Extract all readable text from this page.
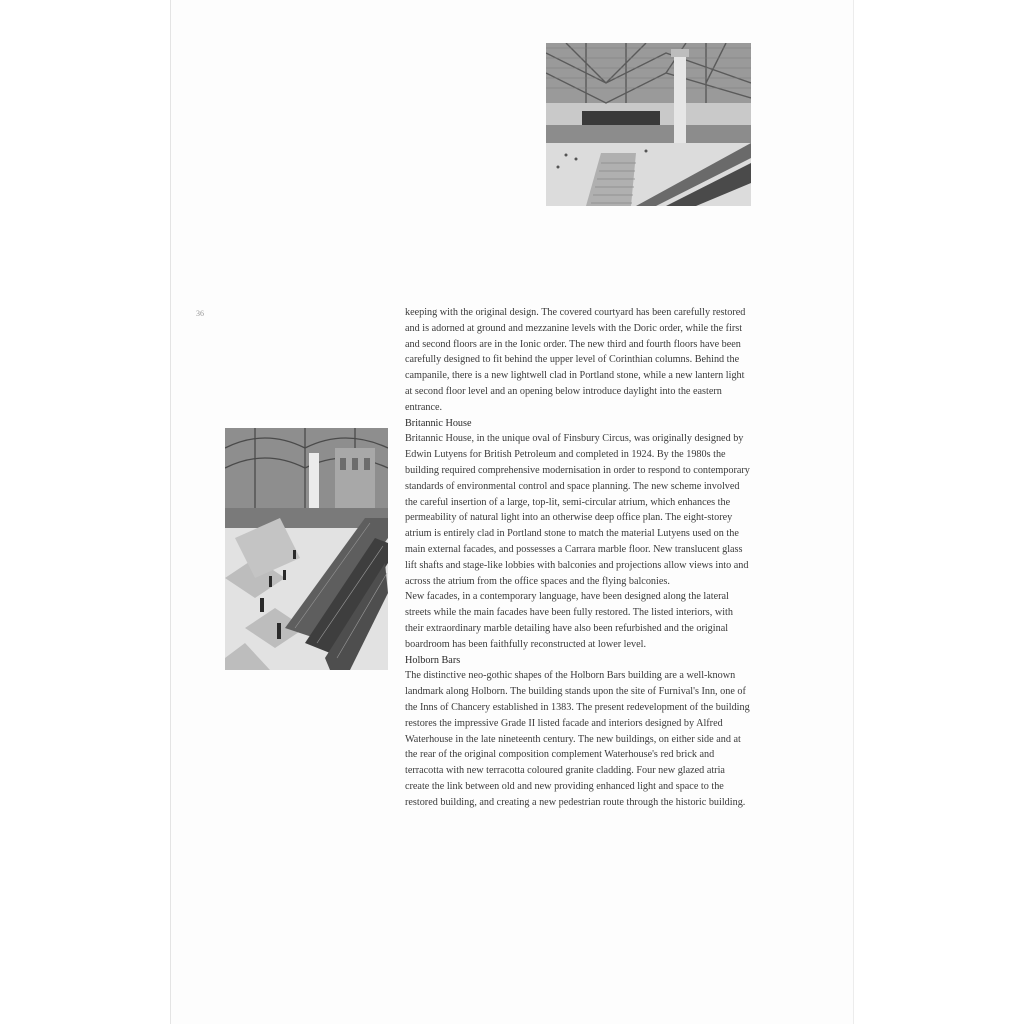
36	keeping with the original design. The covered courtyard has been carefully restored and is adorned at ground and mezzanine levels with the Doric order, while the first and second floors are in the Ionic order. The new third and fourth floors have been carefully designed to fit behind the upper level of Corinthian columns. Behind the campanile, there is a new lightwell clad in Portland stone, while a new lantern light at second floor level and an opening below introduce daylight into the eastern entrance.

Britannic House

Britannic House, in the unique oval of Finsbury Circus, was originally designed by Edwin Lutyens for British Petroleum and completed in 1924. By the 1980s the building required comprehensive modernisation in order to respond to contemporary standards of environmental control and space planning. The new scheme involved the careful insertion of a large, top-lit, semi-circular atrium, which enhances the permeability of natural light into an otherwise deep office plan. The eight-storey atrium is entirely clad in Portland stone to match the material Lutyens used on the main external facades, and possesses a Carrara marble floor. New translucent glass lift shafts and stage-like lobbies with balconies and projections allow views into and across the atrium from the office spaces and the flying balconies.

New facades, in a contemporary language, have been designed along the lateral streets while the main facades have been fully restored. The listed interiors, with their extraordinary marble detailing have also been refurbished and the original boardroom has been faithfully reconstructed at lower level.

Holborn Bars

The distinctive neo-gothic shapes of the Holborn Bars building are a well-known landmark along Holborn. The building stands upon the site of Furnival's Inn, one of the Inns of Chancery established in 1383. The present redevelopment of the building restores the impressive Grade II listed facade and interiors designed by Alfred Waterhouse in the late nineteenth century. The new buildings, on either side and at the rear of the original composition complement Waterhouse's red brick and terracotta with new terracotta coloured granite cladding. Four new glazed atria create the link between old and new providing enhanced light and space to the restored building, and creating a new pedestrian route through the historic building.
